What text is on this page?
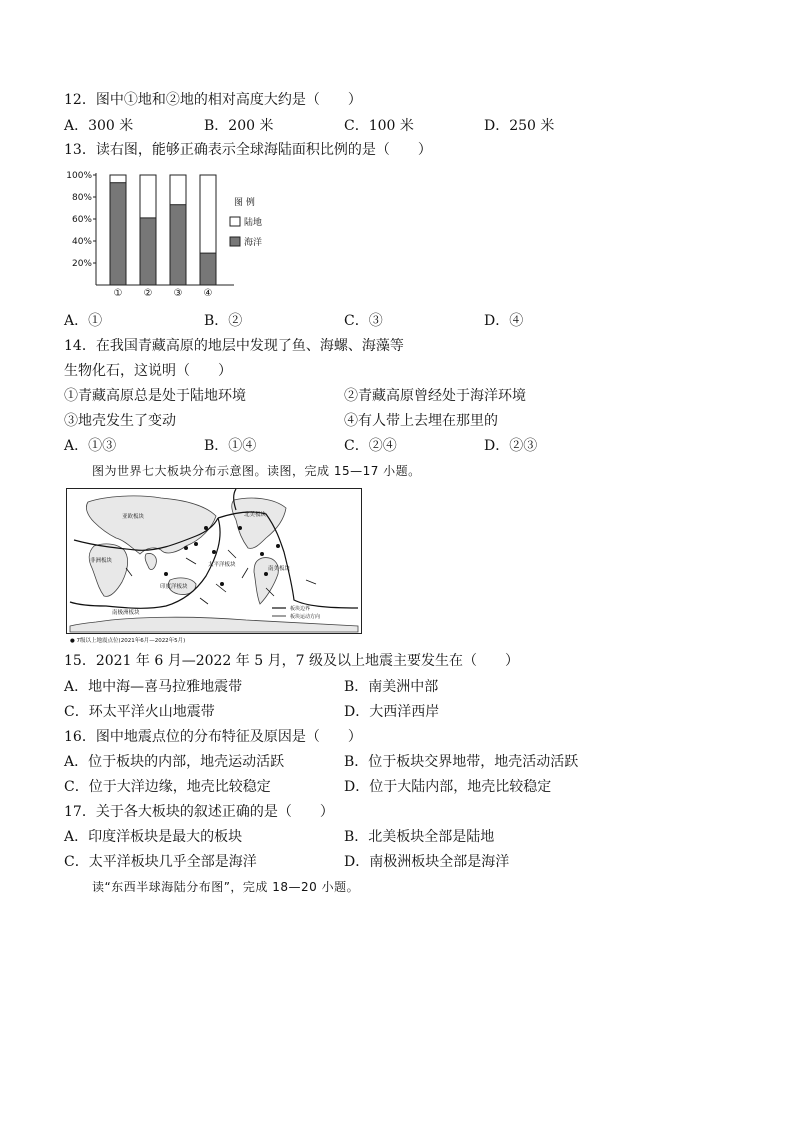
12．图中①地和②地的相对高度大约是（　　）
A．300 米	B．200 米	C．100 米	D．250 米
13．读右图，能够正确表示全球海陆面积比例的是（　　）
100%
80%
60%
40%
20%
① ② ③ ④
图 例
陆地
海洋
A．①	B．②	C．③	D．④
14．在我国青藏高原的地层中发现了鱼、海螺、海藻等
生物化石，这说明（　　）
①青藏高原总是处于陆地环境	②青藏高原曾经处于海洋环境
③地壳发生了变动	④有人带上去埋在那里的
A．①③	B．①④	C．②④	D．②③
图为世界七大板块分布示意图。读图，完成 15—17 小题。
亚欧板块	北美板块
太平洋板块
印度洋板块
南极洲板块
南美板块
非洲板块
板块边界
板块运动方向
● 7级以上地震点位(2021年6月—2022年5月)
15．2021 年 6 月—2022 年 5 月，7 级及以上地震主要发生在（　　）
A．地中海—喜马拉雅地震带	B．南美洲中部
C．环太平洋火山地震带	D．大西洋西岸
16．图中地震点位的分布特征及原因是（　　）
A．位于板块的内部，地壳运动活跃	B．位于板块交界地带，地壳活动活跃
C．位于大洋边缘，地壳比较稳定	D．位于大陆内部，地壳比较稳定
17．关于各大板块的叙述正确的是（　　）
A．印度洋板块是最大的板块	B．北美板块全部是陆地
C．太平洋板块几乎全部是海洋	D．南极洲板块全部是海洋
读“东西半球海陆分布图”，完成 18—20 小题。
